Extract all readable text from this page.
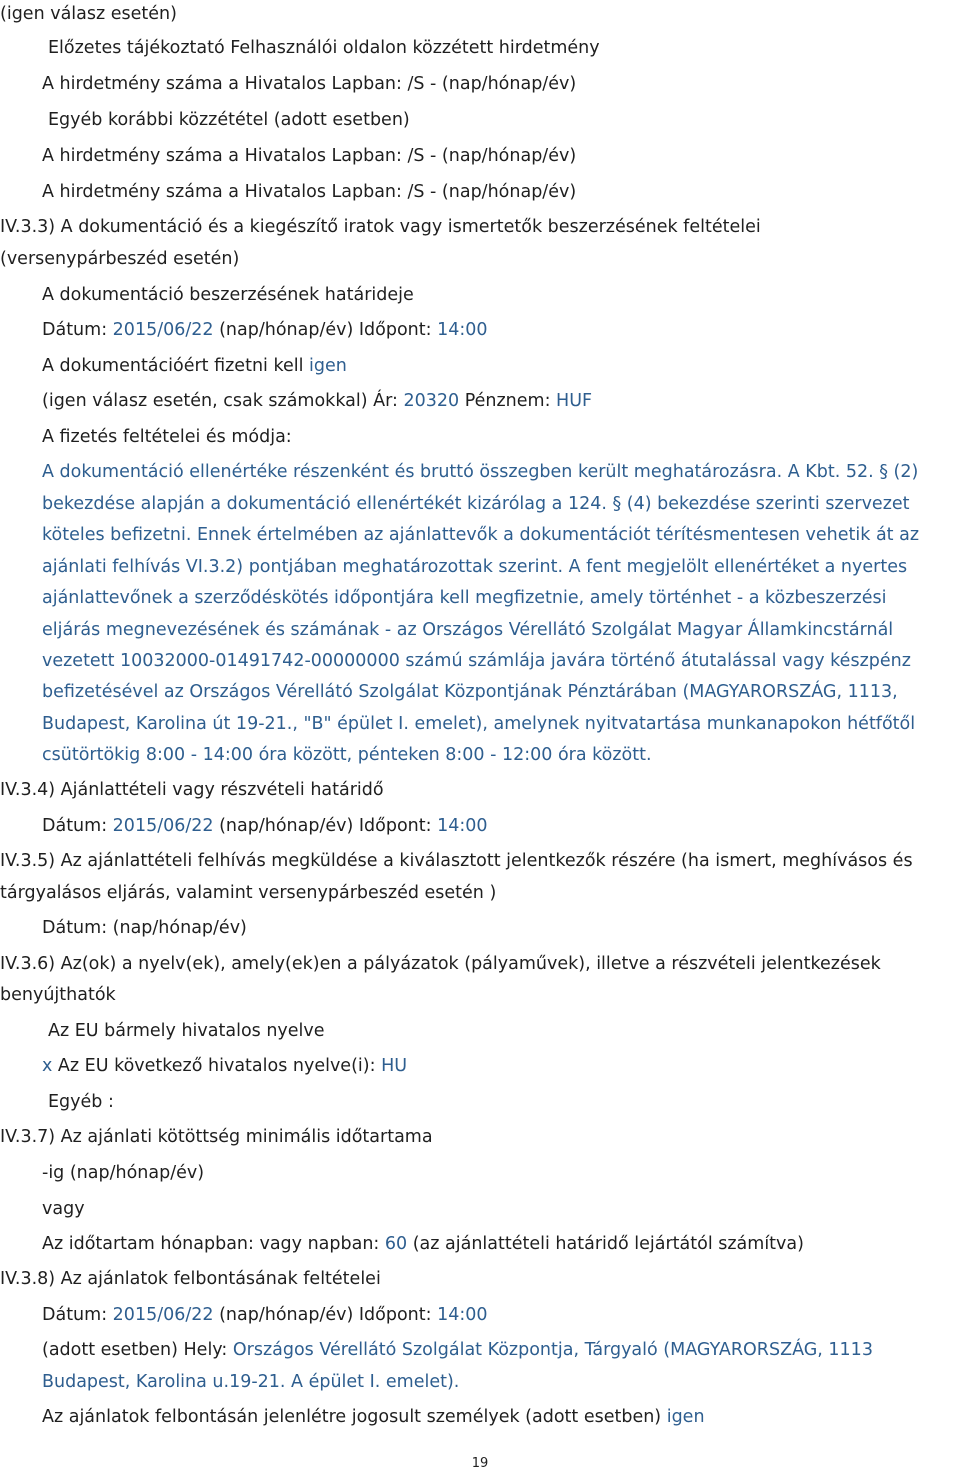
(igen válasz esetén)
Előzetes tájékoztató Felhasználói oldalon közzétett hirdetmény
A hirdetmény száma a Hivatalos Lapban: /S - (nap/hónap/év)
Egyéb korábbi közzététel (adott esetben)
A hirdetmény száma a Hivatalos Lapban: /S - (nap/hónap/év)
A hirdetmény száma a Hivatalos Lapban: /S - (nap/hónap/év)
IV.3.3) A dokumentáció és a kiegészítő iratok vagy ismertetők beszerzésének feltételei
(versenypárbeszéd esetén)
A dokumentáció beszerzésének határideje
Dátum: 2015/06/22 (nap/hónap/év) Időpont: 14:00
A dokumentációért fizetni kell igen
(igen válasz esetén, csak számokkal) Ár: 20320 Pénznem: HUF
A fizetés feltételei és módja:
A dokumentáció ellenértéke részenként és bruttó összegben került meghatározásra. A Kbt. 52. § (2)
bekezdése alapján a dokumentáció ellenértékét kizárólag a 124. § (4) bekezdése szerinti szervezet
köteles befizetni. Ennek értelmében az ajánlattevők a dokumentációt térítésmentesen vehetik át az
ajánlati felhívás VI.3.2) pontjában meghatározottak szerint. A fent megjelölt ellenértéket a nyertes
ajánlattevőnek a szerződéskötés időpontjára kell megfizetnie, amely történhet - a közbeszerzési
eljárás megnevezésének és számának - az Országos Vérellátó Szolgálat Magyar Államkincstárnál
vezetett 10032000-01491742-00000000 számú számlája javára történő átutalással vagy készpénz
befizetésével az Országos Vérellátó Szolgálat Központjának Pénztárában (MAGYARORSZÁG, 1113,
Budapest, Karolina út 19-21., "B" épület I. emelet), amelynek nyitvatartása munkanapokon hétfőtől
csütörtökig 8:00 - 14:00 óra között, pénteken 8:00 - 12:00 óra között.
IV.3.4) Ajánlattételi vagy részvételi határidő
Dátum: 2015/06/22 (nap/hónap/év) Időpont: 14:00
IV.3.5) Az ajánlattételi felhívás megküldése a kiválasztott jelentkezők részére (ha ismert, meghívásos és
tárgyalásos eljárás, valamint versenypárbeszéd esetén )
Dátum: (nap/hónap/év)
IV.3.6) Az(ok) a nyelv(ek), amely(ek)en a pályázatok (pályaművek), illetve a részvételi jelentkezések
benyújthatók
Az EU bármely hivatalos nyelve
x Az EU következő hivatalos nyelve(i): HU
Egyéb :
IV.3.7) Az ajánlati kötöttség minimális időtartama
-ig (nap/hónap/év)
vagy
Az időtartam hónapban: vagy napban: 60 (az ajánlattételi határidő lejártától számítva)
IV.3.8) Az ajánlatok felbontásának feltételei
Dátum: 2015/06/22 (nap/hónap/év) Időpont: 14:00
(adott esetben) Hely: Országos Vérellátó Szolgálat Központja, Tárgyaló (MAGYARORSZÁG, 1113
Budapest, Karolina u.19-21. A épület I. emelet).
Az ajánlatok felbontásán jelenlétre jogosult személyek (adott esetben) igen
19
